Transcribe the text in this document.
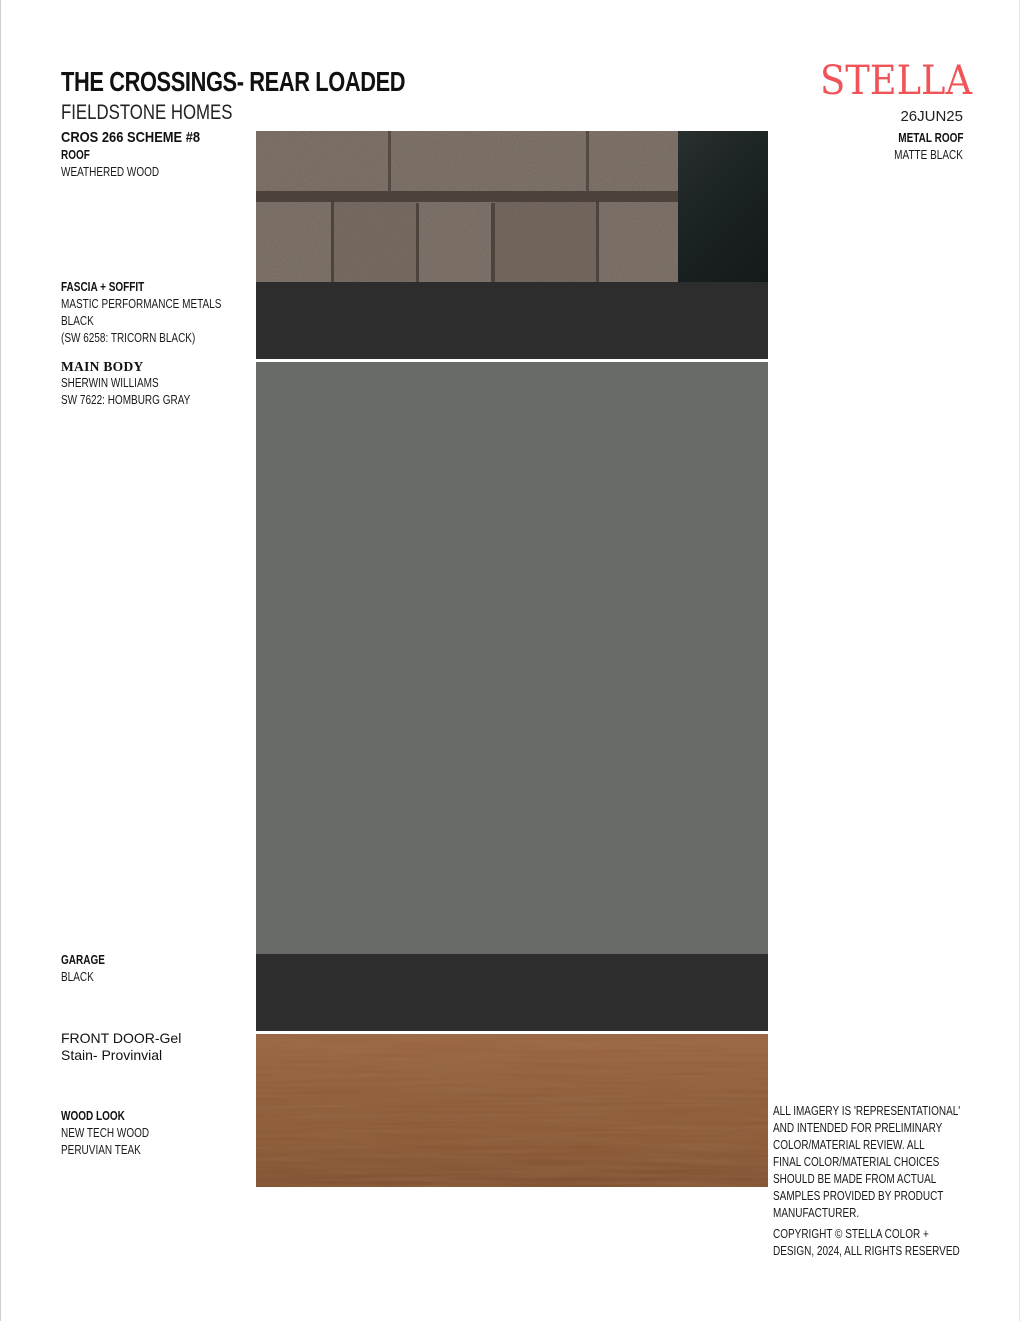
THE CROSSINGS- REAR LOADED
FIELDSTONE HOMES
CROS 266 SCHEME #8
ROOF
WEATHERED WOOD
FASCIA + SOFFIT
MASTIC PERFORMANCE METALS
BLACK
(SW 6258: TRICORN BLACK)
MAIN BODY
SHERWIN WILLIAMS
SW 7622: HOMBURG GRAY
GARAGE
BLACK
FRONT DOOR-Gel
Stain- Provinvial
WOOD LOOK
NEW TECH WOOD
PERUVIAN TEAK
STELLA
26JUN25
METAL ROOF
MATTE BLACK
ALL IMAGERY IS 'REPRESENTATIONAL'
AND INTENDED FOR PRELIMINARY
COLOR/MATERIAL REVIEW. ALL
FINAL COLOR/MATERIAL CHOICES
SHOULD BE MADE FROM ACTUAL
SAMPLES PROVIDED BY PRODUCT
MANUFACTURER.
COPYRIGHT © STELLA COLOR +
DESIGN, 2024, ALL RIGHTS RESERVED
